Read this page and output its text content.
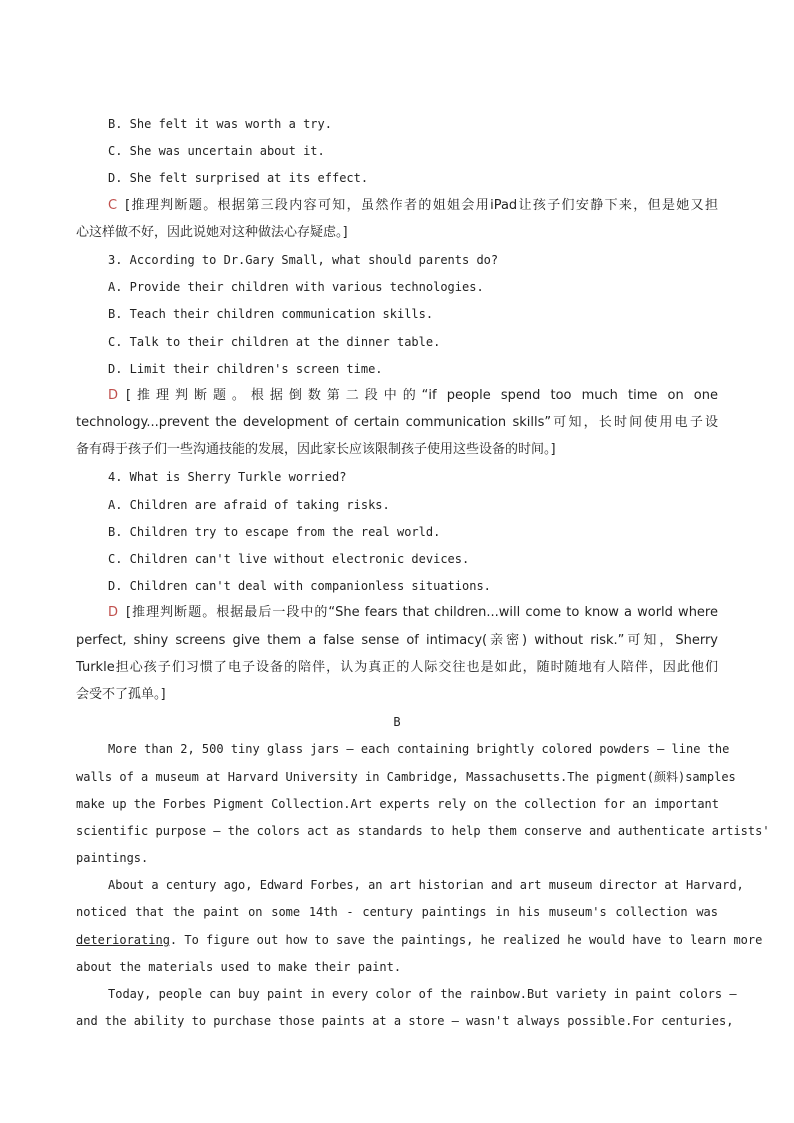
B. She felt it was worth a try.
C. She was uncertain about it.
D. She felt surprised at its effect.
C [推理判断题。根据第三段内容可知，虽然作者的姐姐会用iPad让孩子们安静下来，但是她又担
心这样做不好，因此说她对这种做法心存疑虑。]
3. According to Dr.Gary Small, what should parents do?
A. Provide their children with various technologies.
B. Teach their children communication skills.
C. Talk to their children at the dinner table.
D. Limit their children's screen time.
D [推理判断题。根据倒数第二段中的“if people spend too much time on one
technology...prevent the development of certain communication skills”可知，长时间使用电子设
备有碍于孩子们一些沟通技能的发展，因此家长应该限制孩子使用这些设备的时间。]
4. What is Sherry Turkle worried?
A. Children are afraid of taking risks.
B. Children try to escape from the real world.
C. Children can't live without electronic devices.
D. Children can't deal with companionless situations.
D [推理判断题。根据最后一段中的“She fears that children...will come to know a world where
perfect, shiny screens give them a false sense of intimacy(亲密) without risk.”可知，Sherry
Turkle担心孩子们习惯了电子设备的陪伴，认为真正的人际交往也是如此，随时随地有人陪伴，因此他们
会受不了孤单。]
B
More than 2, 500 tiny glass jars — each containing brightly colored powders — line the
walls of a museum at Harvard University in Cambridge, Massachusetts.The pigment(颜料)samples
make up the Forbes Pigment Collection.Art experts rely on the collection for an important
scientific purpose — the colors act as standards to help them conserve and authenticate artists'
paintings.
About a century ago, Edward Forbes, an art historian and art museum director at Harvard,
noticed that the paint on some 14th - century paintings in his museum's collection was
deteriorating. To figure out how to save the paintings, he realized he would have to learn more
about the materials used to make their paint.
Today, people can buy paint in every color of the rainbow.But variety in paint colors —
and the ability to purchase those paints at a store — wasn't always possible.For centuries,
